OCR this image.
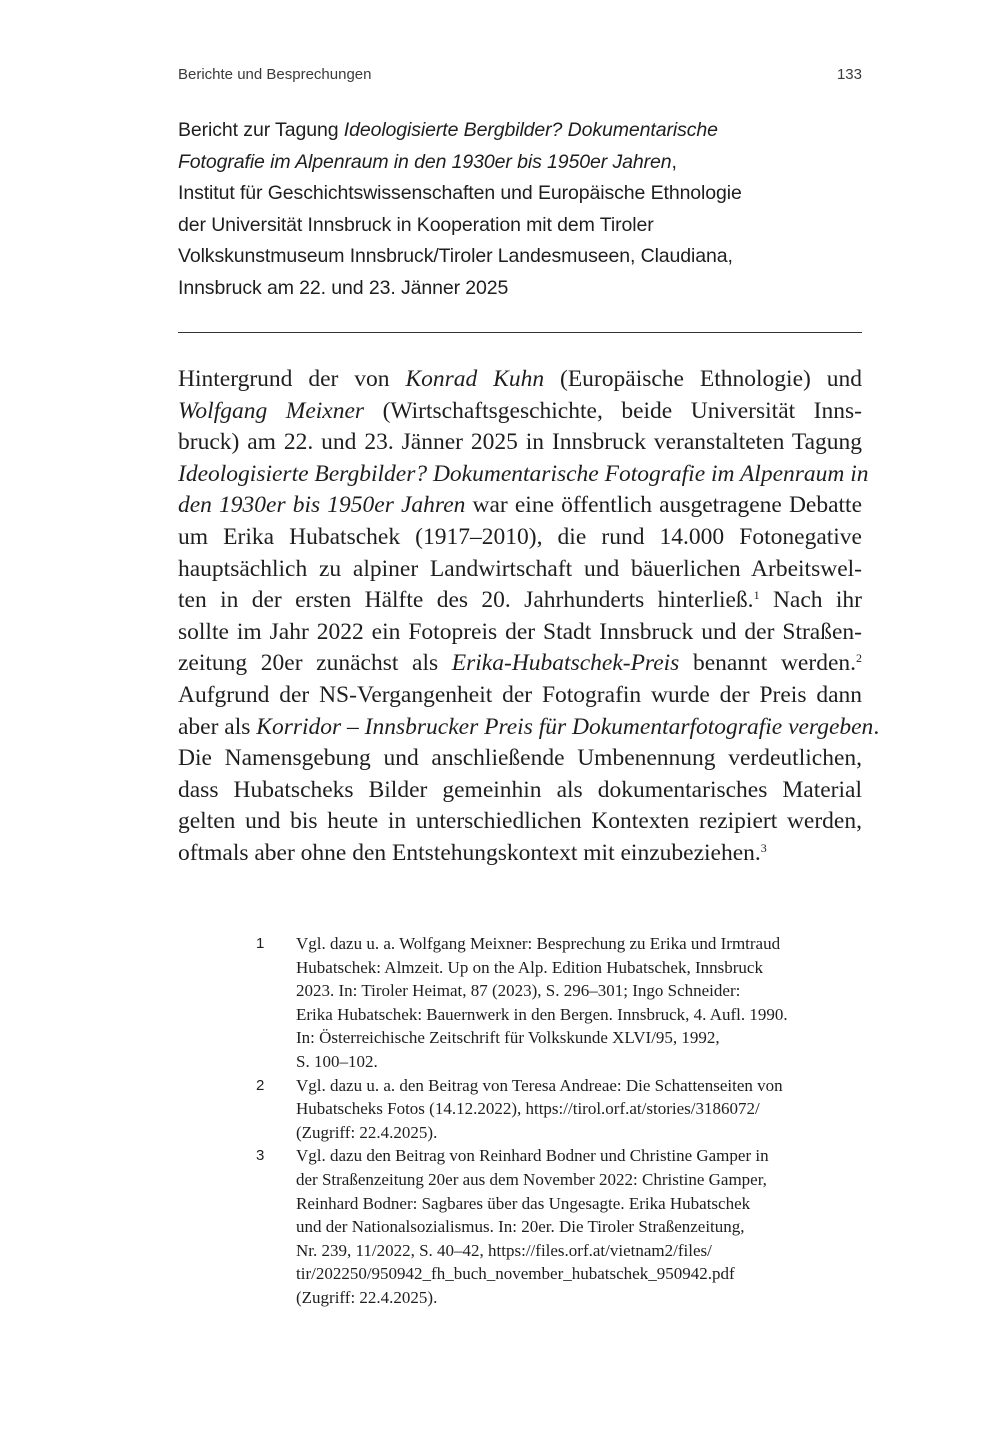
Berichte und Besprechungen	133
Bericht zur Tagung Ideologisierte Bergbilder? Dokumentarische
Fotografie im Alpenraum in den 1930er bis 1950er Jahren,
Institut für Geschichtswissenschaften und Europäische Ethnologie
der Universität Innsbruck in Kooperation mit dem Tiroler
Volkskunstmuseum Innsbruck/Tiroler Landesmuseen, Claudiana,
Innsbruck am 22. und 23. Jänner 2025
Hintergrund der von Konrad Kuhn (Europäische Ethnologie) und
Wolfgang Meixner (Wirtschaftsgeschichte, beide Universität Inns-
bruck) am 22. und 23. Jänner 2025 in Innsbruck veranstalteten Tagung
Ideologisierte Bergbilder? Dokumentarische Fotografie im Alpenraum in
den 1930er bis 1950er Jahren war eine öffentlich ausgetragene Debatte
um Erika Hubatschek (1917–2010), die rund 14.000 Fotonegative
hauptsächlich zu alpiner Landwirtschaft und bäuerlichen Arbeitswel-
ten in der ersten Hälfte des 20. Jahrhunderts hinterließ.$^1$ Nach ihr
sollte im Jahr 2022 ein Fotopreis der Stadt Innsbruck und der Straßen-
zeitung 20er zunächst als Erika-Hubatschek-Preis benannt werden.$^2$
Aufgrund der NS-Vergangenheit der Fotografin wurde der Preis dann
aber als Korridor – Innsbrucker Preis für Dokumentarfotografie vergeben.
Die Namensgebung und anschließende Umbenennung verdeutlichen,
dass Hubatscheks Bilder gemeinhin als dokumentarisches Material
gelten und bis heute in unterschiedlichen Kontexten rezipiert werden,
oftmals aber ohne den Entstehungskontext mit einzubeziehen.$^3$
1	Vgl. dazu u. a. Wolfgang Meixner: Besprechung zu Erika und Irmtraud
Hubatschek: Almzeit. Up on the Alp. Edition Hubatschek, Innsbruck
2023. In: Tiroler Heimat, 87 (2023), S. 296–301; Ingo Schneider:
Erika Hubatschek: Bauernwerk in den Bergen. Innsbruck, 4. Aufl. 1990.
In: Österreichische Zeitschrift für Volkskunde XLVI/95, 1992,
S. 100–102.
2	Vgl. dazu u. a. den Beitrag von Teresa Andreae: Die Schattenseiten von
Hubatscheks Fotos (14.12.2022), https://tirol.orf.at/stories/3186072/
(Zugriff: 22.4.2025).
3	Vgl. dazu den Beitrag von Reinhard Bodner und Christine Gamper in
der Straßenzeitung 20er aus dem November 2022: Christine Gamper,
Reinhard Bodner: Sagbares über das Ungesagte. Erika Hubatschek
und der Nationalsozialismus. In: 20er. Die Tiroler Straßenzeitung,
Nr. 239, 11/2022, S. 40–42, https://files.orf.at/vietnam2/files/
tir/202250/950942_fh_buch_november_hubatschek_950942.pdf
(Zugriff: 22.4.2025).
